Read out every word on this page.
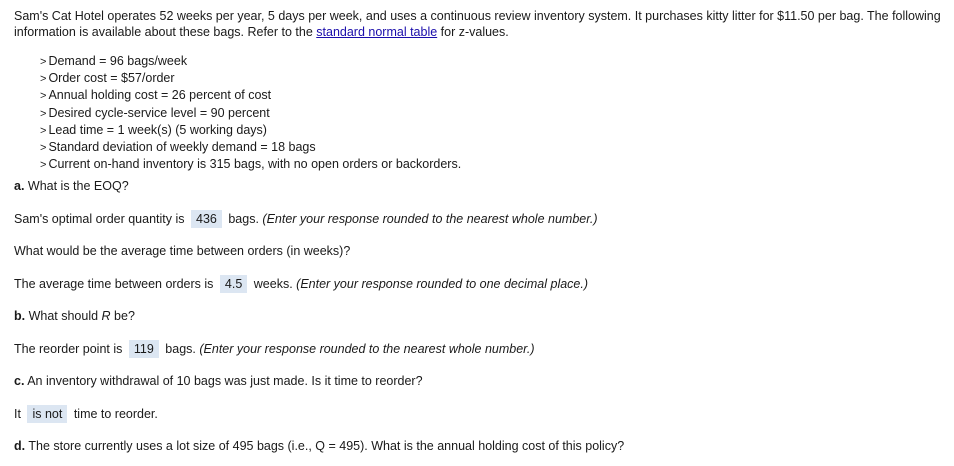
Sam's Cat Hotel operates 52 weeks per year, 5 days per week, and uses a continuous review inventory system. It purchases kitty litter for $11.50 per bag. The following information is available about these bags. Refer to the standard normal table for z-values.
> Demand = 96 bags/week
> Order cost = $57/order
> Annual holding cost = 26 percent of cost
> Desired cycle-service level = 90 percent
> Lead time = 1 week(s) (5 working days)
> Standard deviation of weekly demand = 18 bags
> Current on-hand inventory is 315 bags, with no open orders or backorders.
a. What is the EOQ?
Sam's optimal order quantity is 436 bags. (Enter your response rounded to the nearest whole number.)
What would be the average time between orders (in weeks)?
The average time between orders is 4.5 weeks. (Enter your response rounded to one decimal place.)
b. What should R be?
The reorder point is 119 bags. (Enter your response rounded to the nearest whole number.)
c. An inventory withdrawal of 10 bags was just made. Is it time to reorder?
It is not time to reorder.
d. The store currently uses a lot size of 495 bags (i.e., Q = 495). What is the annual holding cost of this policy?
